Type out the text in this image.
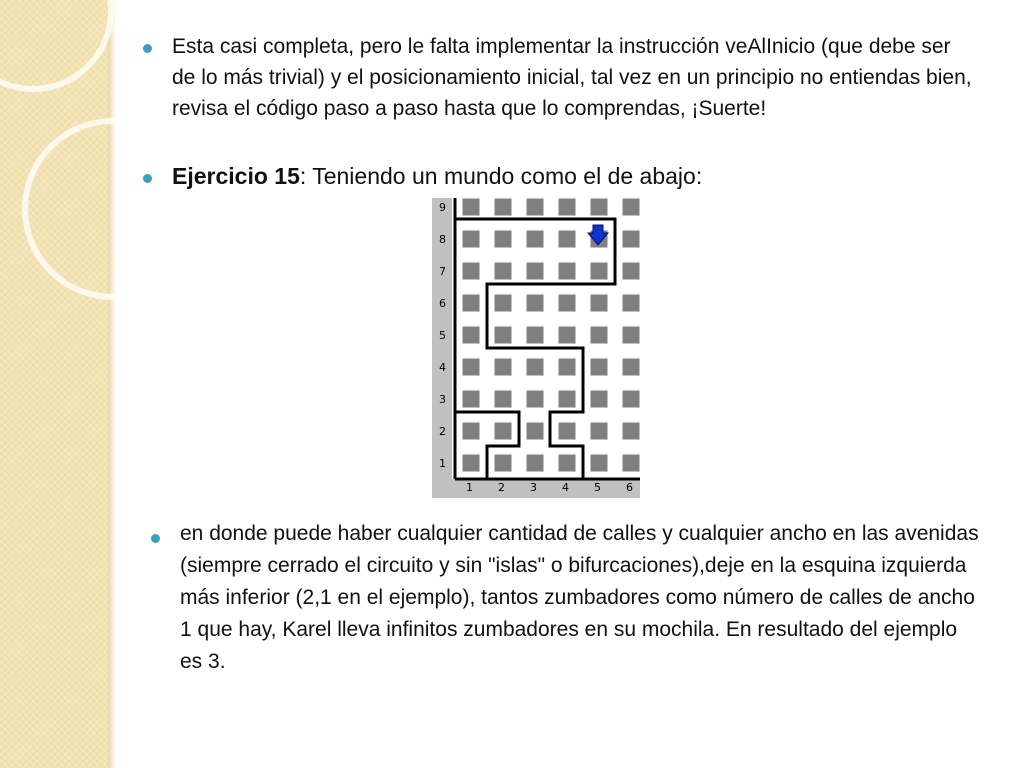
Esta casi completa, pero le falta implementar la instrucción veAlInicio (que debe ser de lo más trivial) y el posicionamiento inicial, tal vez en un principio no entiendas bien, revisa el código paso a paso hasta que lo comprendas, ¡Suerte!
Ejercicio 15: Teniendo un mundo como el de abajo:
1
2
3
4
5
6
7
8
9
1 2 3 4 5 6
en donde puede haber cualquier cantidad de calles y cualquier ancho en las avenidas (siempre cerrado el circuito y sin "islas" o bifurcaciones),deje en la esquina izquierda más inferior (2,1 en el ejemplo), tantos zumbadores como número de calles de ancho 1 que hay, Karel lleva infinitos zumbadores en su mochila. En resultado del ejemplo es 3.
